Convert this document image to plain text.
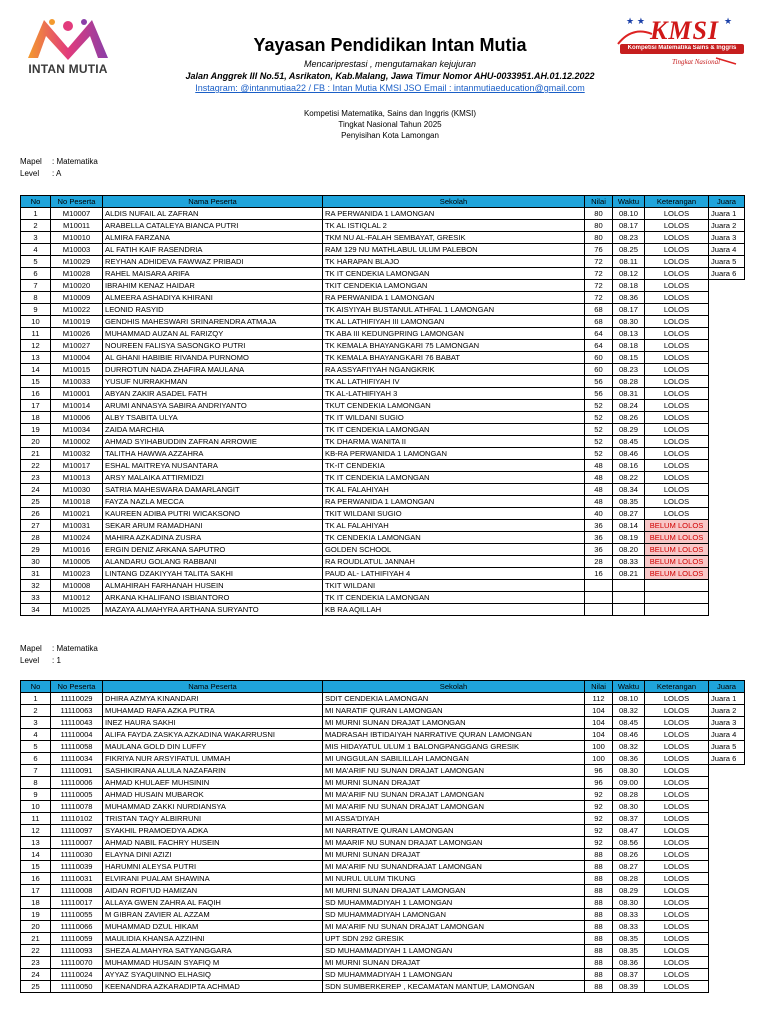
INTAN MUTIA
★ ★	★
KMSI
Kompetisi Matematika Sains & Inggris
Tingkat Nasional
Yayasan Pendidikan Intan Mutia
Mencariprestasi , mengutamakan kejujuran
Jalan Anggrek III No.51, Asrikaton, Kab.Malang, Jawa Timur Nomor AHU-0033951.AH.01.12.2022
Instagram: @intanmutiaa22 / FB : Intan Mutia KMSI JSO Email : intanmutiaeducation@gmail.com
Kompetisi Matematika, Sains dan Inggris (KMSI)
Tingkat Nasional Tahun 2025
Penyisihan Kota Lamongan
Mapel : Matematika
Level : A
No	No Peserta	Nama Peserta	Sekolah	Nilai	Waktu	Keterangan	Juara
1	M10007	ALDIS NUFAIL AL ZAFRAN	RA PERWANIDA 1 LAMONGAN	80	08.10	LOLOS	Juara 1
2	M10011	ARABELLA CATALEYA BIANCA PUTRI	TK AL ISTIQLAL 2	80	08.17	LOLOS	Juara 2
3	M10010	ALMIRA FARZANA	TKM NU AL-FALAH SEMBAYAT, GRESIK	80	08.23	LOLOS	Juara 3
4	M10003	AL FATIH KAIF RASENDRIA	RAM 129 NU MATHLABUL ULUM PALEBON	76	08.25	LOLOS	Juara 4
5	M10029	REYHAN ADHIDEVA FAWWAZ PRIBADI	TK HARAPAN BLAJO	72	08.11	LOLOS	Juara 5
6	M10028	RAHEL MAISARA ARIFA	TK IT CENDEKIA LAMONGAN	72	08.12	LOLOS	Juara 6
7	M10020	IBRAHIM KENAZ HAIDAR	TKIT CENDEKIA LAMONGAN	72	08.18	LOLOS	
8	M10009	ALMEERA ASHADIYA KHIRANI	RA PERWANIDA 1 LAMONGAN	72	08.36	LOLOS	
9	M10022	LEONID RASYID	TK AISYIYAH BUSTANUL ATHFAL 1 LAMONGAN	68	08.17	LOLOS	
10	M10019	GENDHIS MAHESWARI SRINARENDRA ATMAJA	TK AL LATHIFIYAH III LAMONGAN	68	08.30	LOLOS	
11	M10026	MUHAMMAD AUZAN AL FARIZQY	TK ABA III KEDUNGPRING LAMONGAN	64	08.13	LOLOS	
12	M10027	NOUREEN FALISYA SASONGKO PUTRI	TK KEMALA BHAYANGKARI 75 LAMONGAN	64	08.18	LOLOS	
13	M10004	AL GHANI HABIBIE RIVANDA PURNOMO	TK KEMALA BHAYANGKARI 76 BABAT	60	08.15	LOLOS	
14	M10015	DURROTUN NADA ZHAFIRA MAULANA	RA ASSYAFI'IYAH NGANGKRIK	60	08.23	LOLOS	
15	M10033	YUSUF NURRAKHMAN	TK AL LATHIFIYAH IV	56	08.28	LOLOS	
16	M10001	ABYAN ZAKIR ASADEL FATH	TK AL-LATHIFIYAH 3	56	08.31	LOLOS	
17	M10014	ARUMI ANNASYA SABIRA ANDRIYANTO	TKUT CENDEKIA LAMONGAN	52	08.24	LOLOS	
18	M10006	ALBY TSABITA ULYA	TK IT WILDANI SUGIO	52	08.26	LOLOS	
19	M10034	ZAIDA MARCHIA	TK IT CENDEKIA LAMONGAN	52	08.29	LOLOS	
20	M10002	AHMAD SYIHABUDDIN ZAFRAN ARROWIE	TK DHARMA WANITA II	52	08.45	LOLOS	
21	M10032	TALITHA HAWWA AZZAHRA	KB-RA PERWANIDA 1 LAMONGAN	52	08.46	LOLOS	
22	M10017	ESHAL MAITREYA NUSANTARA	TK-IT CENDEKIA	48	08.16	LOLOS	
23	M10013	ARSY MALAIKA ATTIRMIDZI	TK IT CENDEKIA LAMONGAN	48	08.22	LOLOS	
24	M10030	SATRIA MAHESWARA DAMARLANGIT	TK AL FALAHIYAH	48	08.34	LOLOS	
25	M10018	FAYZA NAZLA MECCA	RA PERWANIDA 1 LAMONGAN	48	08.35	LOLOS	
26	M10021	KAUREEN ADIBA PUTRI WICAKSONO	TKIT WILDANI SUGIO	40	08.27	LOLOS	
27	M10031	SEKAR ARUM RAMADHANI	TK AL FALAHIYAH	36	08.14	BELUM LOLOS	
28	M10024	MAHIRA AZKADINA ZUSRA	TK CENDEKIA LAMONGAN	36	08.19	BELUM LOLOS	
29	M10016	ERGIN DENIZ ARKANA SAPUTRO	GOLDEN SCHOOL	36	08.20	BELUM LOLOS	
30	M10005	ALANDARU GOLANG RABBANI	RA ROUDLATUL JANNAH	28	08.33	BELUM LOLOS	
31	M10023	LINTANG DZAKIYYAH TALITA SAKHI	PAUD AL- LATHIFIYAH 4	16	08.21	BELUM LOLOS	
32	M10008	ALMAHIRAH FARHANAH HUSEIN	TKIT WILDANI				
33	M10012	ARKANA KHALIFANO ISBIANTORO	TK IT CENDEKIA LAMONGAN				
34	M10025	MAZAYA ALMAHYRA ARTHANA SURYANTO	KB RA AQILLAH				
Mapel : Matematika
Level : 1
No	No Peserta	Nama Peserta	Sekolah	Nilai	Waktu	Keterangan	Juara
1	11110029	DHIRA AZMYA KINANDARI	SDIT CENDEKIA LAMONGAN	112	08.10	LOLOS	Juara 1
2	11110063	MUHAMAD RAFA AZKA PUTRA	MI NARATIF QURAN LAMONGAN	104	08.32	LOLOS	Juara 2
3	11110043	INEZ HAURA SAKHI	MI MURNI SUNAN DRAJAT LAMONGAN	104	08.45	LOLOS	Juara 3
4	11110004	ALIFA FAYDA ZASKYA AZKADINA WAKARRUSNI	MADRASAH IBTIDAIYAH NARRATIVE QURAN LAMONGAN	104	08.46	LOLOS	Juara 4
5	11110058	MAULANA GOLD DIN LUFFY	MIS HIDAYATUL ULUM 1 BALONGPANGGANG GRESIK	100	08.32	LOLOS	Juara 5
6	11110034	FIKRIYA NUR ARSYIFATUL UMMAH	MI UNGGULAN SABILILLAH LAMONGAN	100	08.36	LOLOS	Juara 6
7	11110091	SASHIKIRANA ALULA NAZAFARIN	MI MA'ARIF NU SUNAN DRAJAT LAMONGAN	96	08.30	LOLOS	
8	11110006	AHMAD KHULAEF MUHSININ	MI MURNI SUNAN DRAJAT	96	09.00	LOLOS	
9	11110005	AHMAD HUSAIN MUBAROK	MI MA'ARIF NU SUNAN DRAJAT LAMONGAN	92	08.28	LOLOS	
10	11110078	MUHAMMAD ZAKKI NURDIANSYA	MI MA'ARIF NU SUNAN DRAJAT LAMONGAN	92	08.30	LOLOS	
11	11110102	TRISTAN TAQY ALBIRRUNI	MI ASSA'DIYAH	92	08.37	LOLOS	
12	11110097	SYAKHIL PRAMOEDYA ADKA	MI NARRATIVE QURAN LAMONGAN	92	08.47	LOLOS	
13	11110007	AHMAD NABIL FACHRY HUSEIN	MI MAARIF NU SUNAN DRAJAT LAMONGAN	92	08.56	LOLOS	
14	11110030	ELAYNA DINI AZIZI	MI MURNI SUNAN DRAJAT	88	08.26	LOLOS	
15	11110039	HARUMNI ALEYSA PUTRI	MI MA'ARIF NU SUNANDRAJAT LAMONGAN	88	08.27	LOLOS	
16	11110031	ELVIRANI PUALAM SHAWINA	MI NURUL ULUM TIKUNG	88	08.28	LOLOS	
17	11110008	AIDAN ROFI'UD HAMIZAN	MI MURNI SUNAN DRAJAT LAMONGAN	88	08.29	LOLOS	
18	11110017	ALLAYA GWEN ZAHRA AL FAQIH	SD MUHAMMADIYAH 1 LAMONGAN	88	08.30	LOLOS	
19	11110055	M GIBRAN ZAVIER AL AZZAM	SD MUHAMMADIYAH LAMONGAN	88	08.33	LOLOS	
20	11110066	MUHAMMAD DZUL HIKAM	MI MA'ARIF NU SUNAN DRAJAT LAMONGAN	88	08.33	LOLOS	
21	11110059	MAULIDIA KHANSA AZZIHNI	UPT SDN 292 GRESIK	88	08.35	LOLOS	
22	11110093	SHEZA ALMAHYRA SATYANGGARA	SD MUHAMMADIYAH 1 LAMONGAN	88	08.35	LOLOS	
23	11110070	MUHAMMAD HUSAIN SYAFIQ M	MI MURNI SUNAN DRAJAT	88	08.36	LOLOS	
24	11110024	AYYAZ SYAQUINNO ELHASIQ	SD MUHAMMADIYAH 1 LAMONGAN	88	08.37	LOLOS	
25	11110050	KEENANDRA AZKARADIPTA ACHMAD	SDN SUMBERKEREP , KECAMATAN MANTUP, LAMONGAN	88	08.39	LOLOS	
